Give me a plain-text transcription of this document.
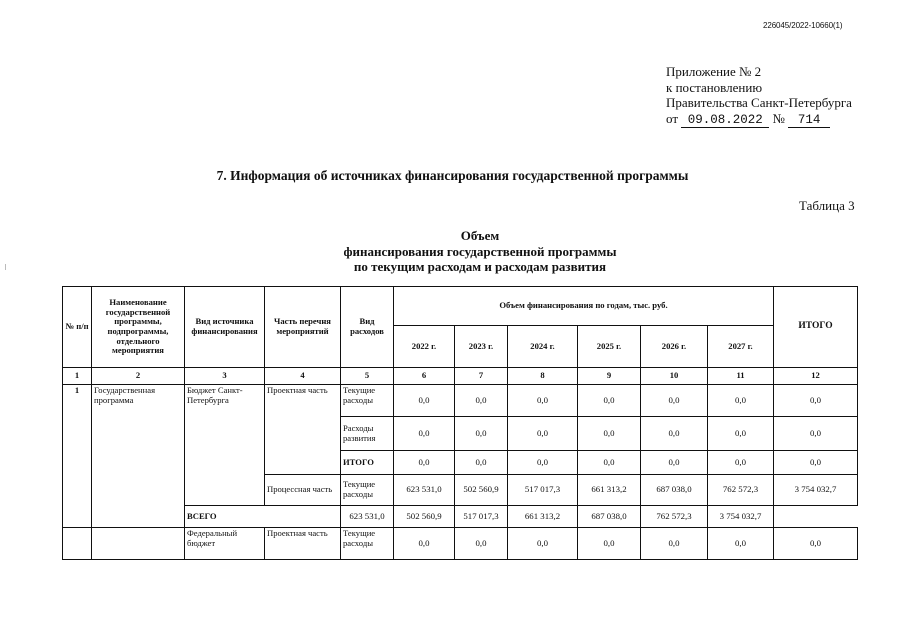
226045/2022-10660(1)
Приложение № 2
к постановлению
Правительства Санкт-Петербурга
от 09.08.2022 № 714
7. Информация об источниках финансирования государственной программы
Таблица 3
Объем
финансирования государственной программы
по текущим расходам и расходам развития
№ п/п	Наименование государственной программы, подпрограммы, отдельного мероприятия	Вид источника финансирования	Часть перечня мероприятий	Вид расходов	Объем финансирования по годам, тыс. руб.						ИТОГО
					2022 г.	2023 г.	2024 г.	2025 г.	2026 г.	2027 г.	
1	2	3	4	5	6	7	8	9	10	11	12
1	Государственная программа	Бюджет Санкт-Петербурга	Проектная часть	Текущие расходы	0,0	0,0	0,0	0,0	0,0	0,0	0,0
				Расходы развития	0,0	0,0	0,0	0,0	0,0	0,0	0,0
				ИТОГО	0,0	0,0	0,0	0,0	0,0	0,0	0,0
			Процессная часть	Текущие расходы	623 531,0	502 560,9	517 017,3	661 313,2	687 038,0	762 572,3	3 754 032,7
		ВСЕГО		623 531,0	502 560,9	517 017,3	661 313,2	687 038,0	762 572,3	3 754 032,7	
		Федеральный бюджет	Проектная часть	Текущие расходы	0,0	0,0	0,0	0,0	0,0	0,0	0,0
